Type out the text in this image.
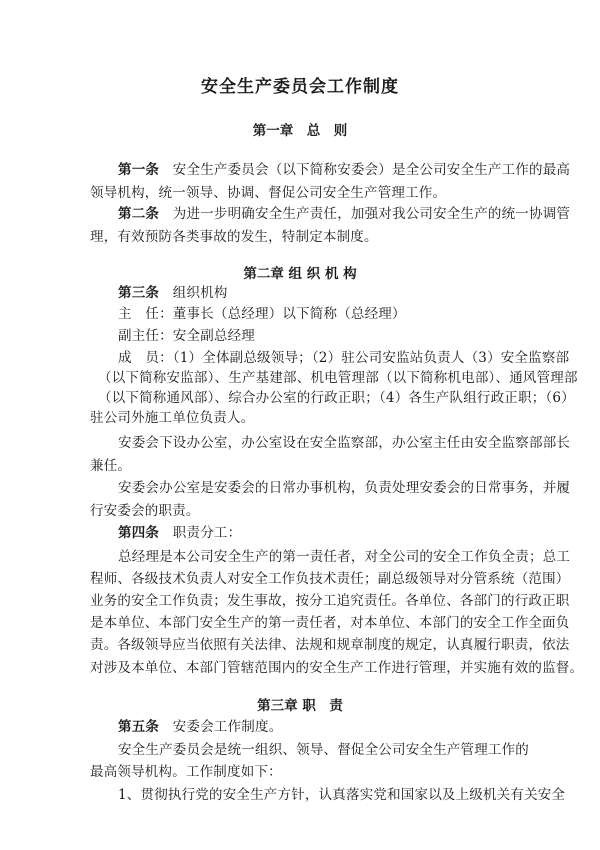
安全生产委员会工作制度
第一章　总　则
第一条　安全生产委员会（以下简称安委会）是全公司安全生产工作的最高
领导机构，统一领导、协调、督促公司安全生产管理工作。
第二条　为进一步明确安全生产责任，加强对我公司安全生产的统一协调管
理，有效预防各类事故的发生，特制定本制度。
第二章 组 织 机 构
第三条　组织机构
主　任：董事长（总经理）以下简称（总经理）
副主任：安全副总经理
成　员：（1）全体副总级领导；（2）驻公司安监站负责人（3）安全监察部
（以下简称安监部）、生产基建部、机电管理部（以下简称机电部）、通风管理部
（以下简称通风部）、综合办公室的行政正职；（4）各生产队组行政正职；（6）
驻公司外施工单位负责人。
安委会下设办公室，办公室设在安全监察部，办公室主任由安全监察部部长
兼任。
安委会办公室是安委会的日常办事机构，负责处理安委会的日常事务，并履
行安委会的职责。
第四条　职责分工：
总经理是本公司安全生产的第一责任者，对全公司的安全工作负全责；总工
程师、各级技术负责人对安全工作负技术责任；副总级领导对分管系统（范围）
业务的安全工作负责；发生事故，按分工追究责任。各单位、各部门的行政正职
是本单位、本部门安全生产的第一责任者，对本单位、本部门的安全工作全面负
责。各级领导应当依照有关法律、法规和规章制度的规定，认真履行职责，依法
对涉及本单位、本部门管辖范围内的安全生产工作进行管理，并实施有效的监督。
第三章 职　责
第五条　安委会工作制度。
安全生产委员会是统一组织、领导、督促全公司安全生产管理工作的
最高领导机构。工作制度如下：
1、贯彻执行党的安全生产方针，认真落实党和国家以及上级机关有关安全
